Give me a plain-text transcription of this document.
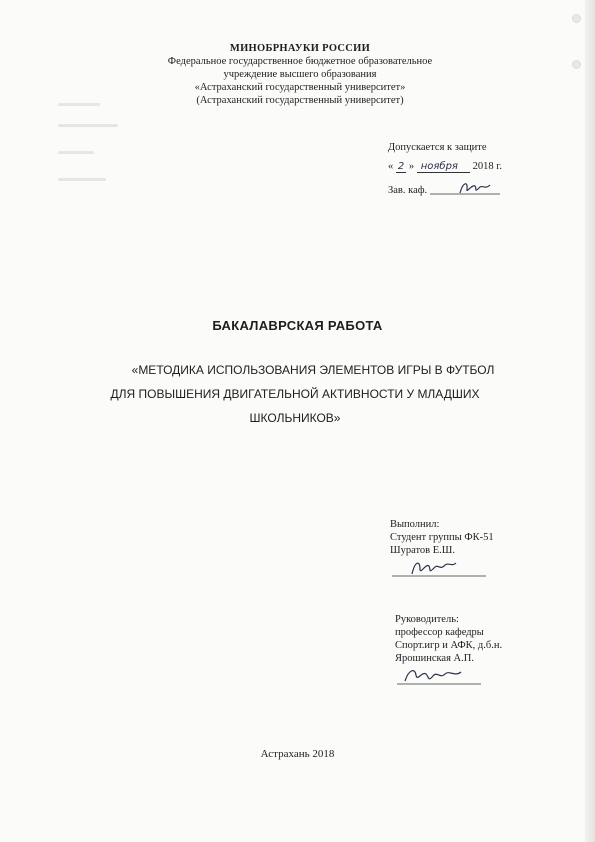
МИНОБРНАУКИ РОССИИ
Федеральное государственное бюджетное образовательное
учреждение высшего образования
«Астраханский государственный университет»
(Астраханский государственный университет)
Допускается к защите
« 2 » ноября 2018 г.
Зав. каф.
БАКАЛАВРСКАЯ РАБОТА
«МЕТОДИКА ИСПОЛЬЗОВАНИЯ ЭЛЕМЕНТОВ ИГРЫ В ФУТБОЛ
ДЛЯ ПОВЫШЕНИЯ ДВИГАТЕЛЬНОЙ АКТИВНОСТИ У МЛАДШИХ
ШКОЛЬНИКОВ»
Выполнил:
Студент группы ФК-51
Шуратов Е.Ш.
Руководитель:
профессор кафедры
Спорт.игр и АФК, д.б.н.
Ярошинская А.П.
Астрахань 2018
